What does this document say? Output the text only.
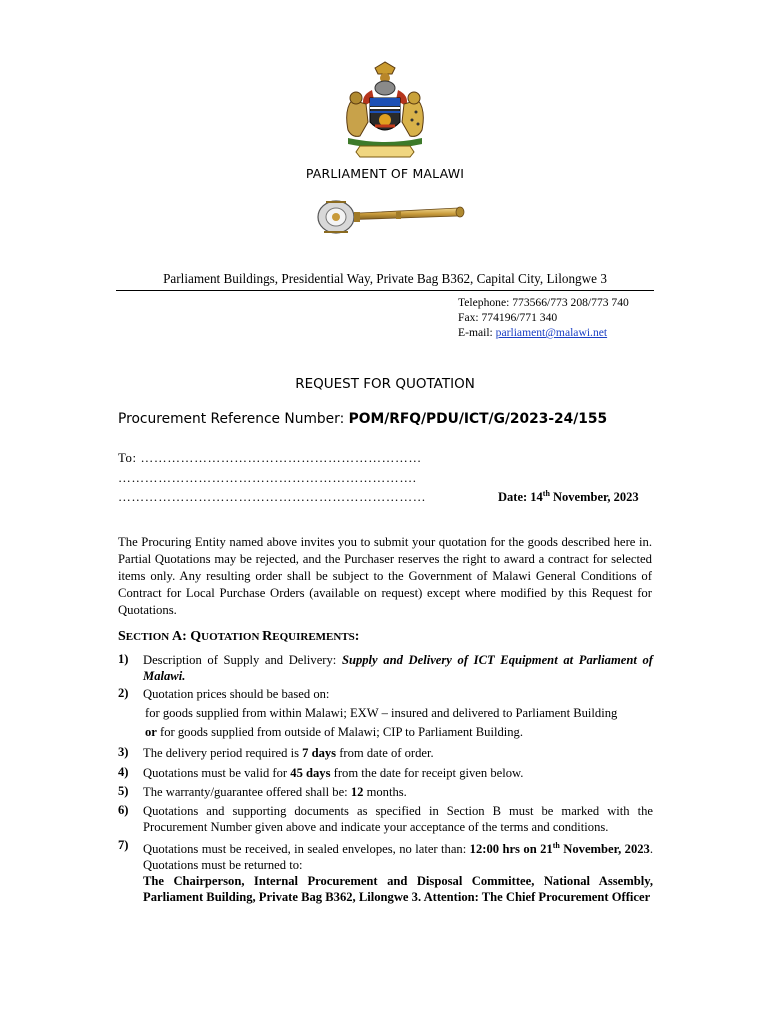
PARLIAMENT OF MALAWI
Parliament Buildings, Presidential Way, Private Bag B362, Capital City, Lilongwe 3
Telephone: 773566/773 208/773 740
Fax: 774196/771 340
E-mail: parliament@malawi.net
REQUEST FOR QUOTATION
Procurement Reference Number: POM/RFQ/PDU/ICT/G/2023-24/155
To: ………………………………………………………
………………………………………………………….
……………………………………………………………	Date: 14th November, 2023
The Procuring Entity named above invites you to submit your quotation for the goods described here in. Partial Quotations may be rejected, and the Purchaser reserves the right to award a contract for selected items only. Any resulting order shall be subject to the Government of Malawi General Conditions of Contract for Local Purchase Orders (available on request) except where modified by this Request for Quotations.
SECTION A: QUOTATION REQUIREMENTS:
1) Description of Supply and Delivery: Supply and Delivery of ICT Equipment at Parliament of Malawi.
2) Quotation prices should be based on:
for goods supplied from within Malawi; EXW – insured and delivered to Parliament Building
or for goods supplied from outside of Malawi; CIP to Parliament Building.
3) The delivery period required is 7 days from date of order.
4) Quotations must be valid for 45 days from the date for receipt given below.
5) The warranty/guarantee offered shall be: 12 months.
6) Quotations and supporting documents as specified in Section B must be marked with the Procurement Number given above and indicate your acceptance of the terms and conditions.
7) Quotations must be received, in sealed envelopes, no later than: 12:00 hrs on 21th November, 2023. Quotations must be returned to:
The Chairperson, Internal Procurement and Disposal Committee, National Assembly, Parliament Building, Private Bag B362, Lilongwe 3. Attention: The Chief Procurement Officer
